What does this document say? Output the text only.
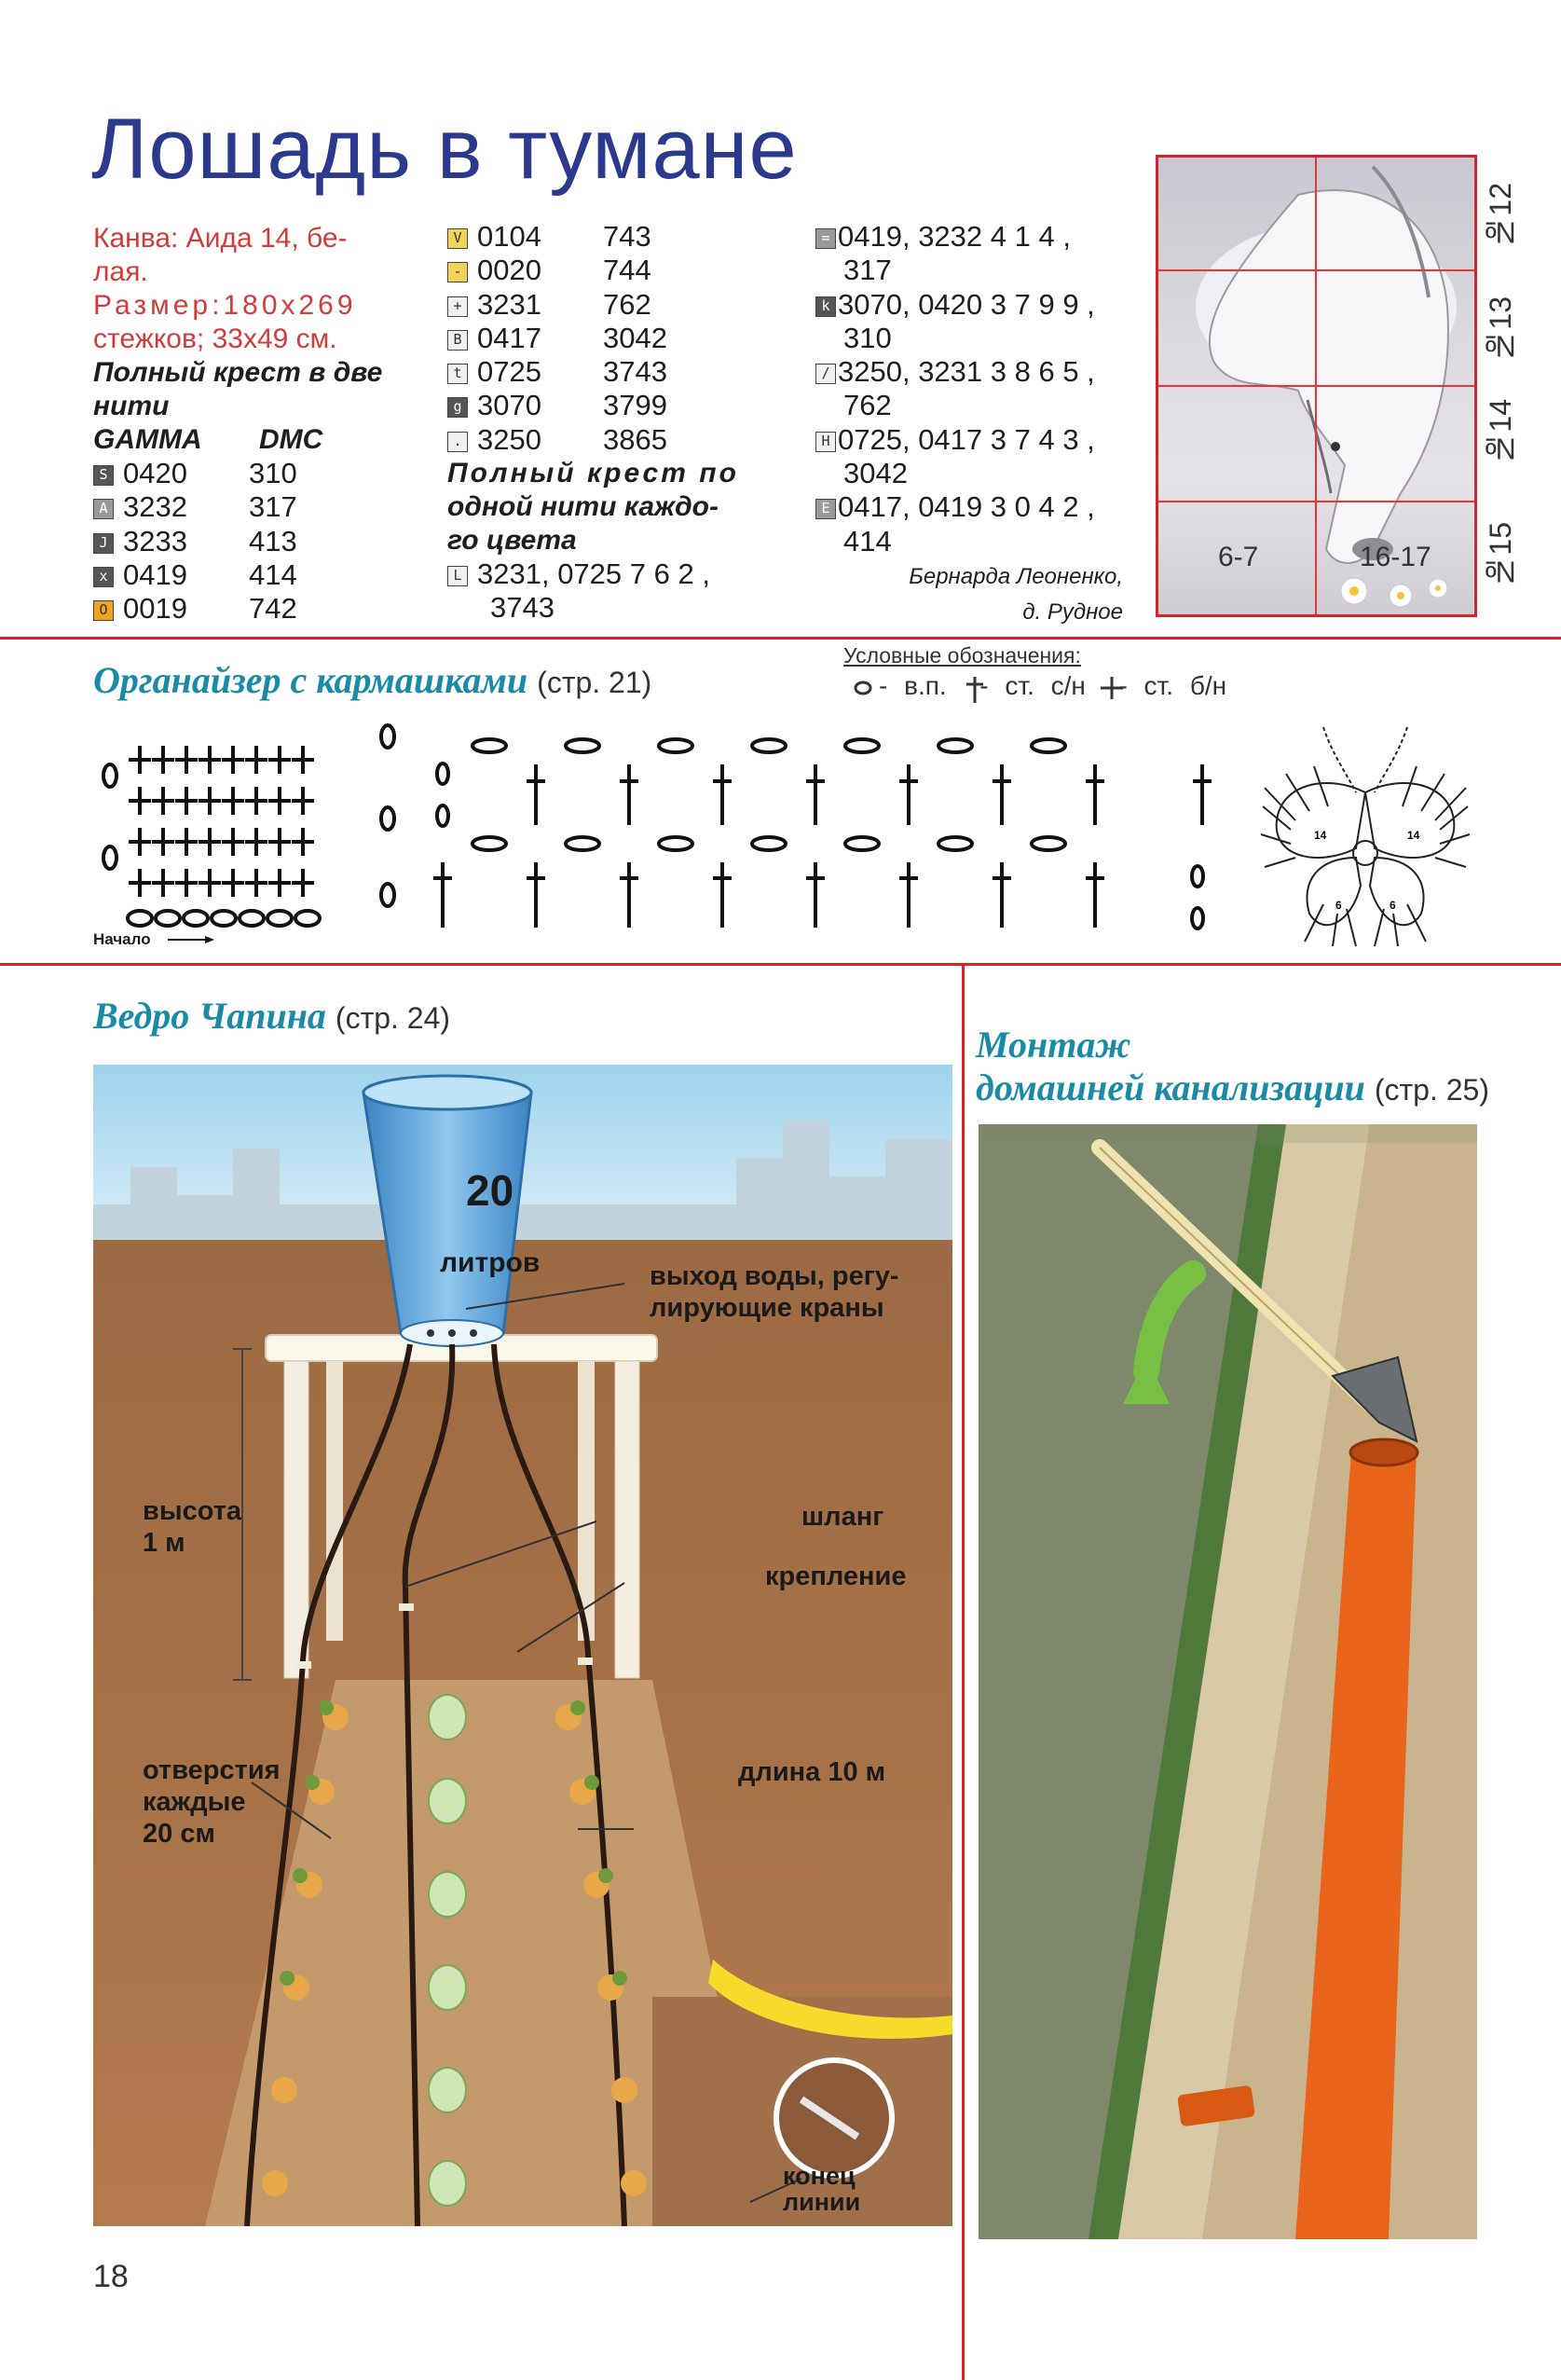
Лошадь в тумане
Канва: Аида 14, бе-
лая.
Размер:180х269
стежков; 33х49 см.
Полный крест в две
нити
GAMMA DMC
S 0420 310
A 3232 317
J 3233 413
x 0419 414
O 0019 742
V 0104 743
- 0020 744
+ 3231 762
B 0417 3042
t 0725 3743
g 3070 3799
. 3250 3865
Полный крест по
одной нити каждо-
го цвета
L 3231, 0725 7 6 2 ,
3743
= 0419, 3232 4 1 4 ,
317
k 3070, 0420 3 7 9 9 ,
310
/ 3250, 3231 3 8 6 5 ,
762
H 0725, 0417 3 7 4 3 ,
3042
E 0417, 0419 3 0 4 2 ,
414
Бернарда Леоненко,
д. Рудное
6-7	16-17
№12
№13
№14
№15
Органайзер с кармашками (стр. 21)
Условные обозначения:
- в.п.  - ст. с/н  - ст. б/н
Начало
14	14
6	6
Ведро Чапина (стр. 24)
20
литров	выход воды, регу-
лирующие краны
высота
1 м
шланг
крепление
отверстия
каждые
20 см
длина 10 м
конец
линии
Монтаж
домашней канализации (стр. 25)
18
